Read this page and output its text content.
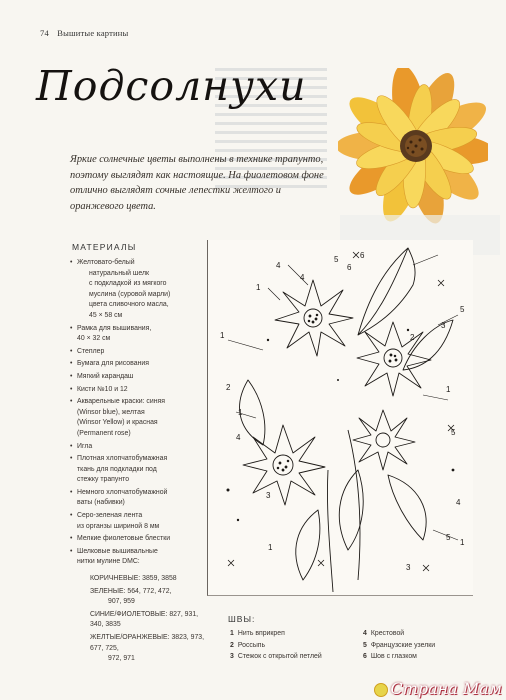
74 Вышитые картины
Подсолнухи

Яркие солнечные цветы выполнены в технике трапунто, поэтому выглядят как настоящие. На фиолетовом фоне отлично выглядят сочные лепестки желтого и оранжевого цвета.

МАТЕРИАЛЫ
• Желтовато-белый
натуральный шелк
с подкладкой из мягкого
муслина (суровой марли)
цвета сливочного масла,
45 × 58 см
• Рамка для вышивания,
40 × 32 см
• Степлер
• Бумага для рисования
• Мягкий карандаш
• Кисти №10 и 12
• Акварельные краски: синяя
(Winsor blue), желтая
(Winsor Yellow) и красная
(Permanent rose)
• Игла
• Плотная хлопчатобумажная
ткань для подкладки под
стежку трапунто
• Немного хлопчатобумажной
ваты (набивки)
• Серо-зеленая лента
из органзы шириной 8 мм
• Мелкие фиолетовые блестки
• Шелковые вышивальные
нитки мулине DMC:
КОРИЧНЕВЫЕ: 3859, 3858
ЗЕЛЕНЫЕ: 564, 772, 472,
907, 959
СИНИЕ/ФИОЛЕТОВЫЕ: 827, 931, 340, 3835
ЖЕЛТЫЕ/ОРАНЖЕВЫЕ: 3823, 973, 677, 725,
972, 971
4	6
5
1
1
4
5
3
1
2
1
5
4
3
4
5
1
3
2
6
1
ШВЫ:
1 Нить вприкреп
2 Россыпь
3 Стежок с открытой петлей
4 Крестовой
5 Французские узелки
6 Шов с глазком
Страна Мам
